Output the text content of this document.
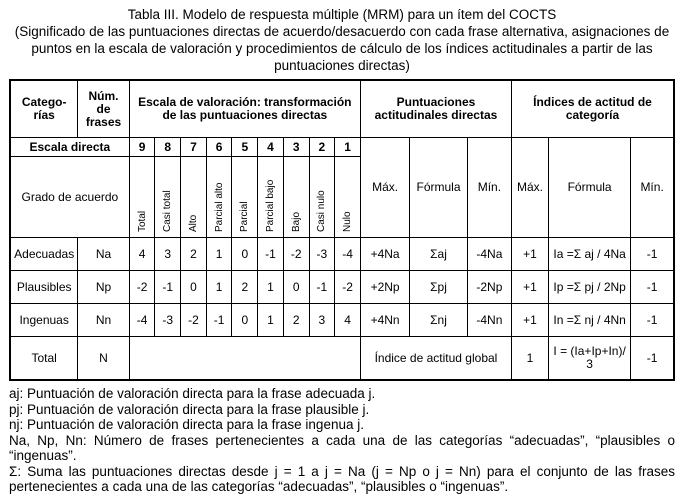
Tabla III. Modelo de respuesta múltiple (MRM) para un ítem del COCTS
(Significado de las puntuaciones directas de acuerdo/desacuerdo con cada frase alternativa, asignaciones de puntos en la escala de valoración y procedimientos de cálculo de los índices actitudinales a partir de las puntuaciones directas)
Catego-rías	Núm. de frases	Escala de valoración: transformación de las puntuaciones directas									Puntuaciones actitudinales directas			Índices de actitud de categoría		
Escala directa		9	8	7	6	5	4	3	2	1	Máx.	Fórmula	Mín.	Máx.	Fórmula	Mín.
Grado de acuerdo		Total	Casi total	Alto	Parcial alto	Parcial	Parcial bajo	Bajo	Casi nulo	Nulo						
Adecuadas	Na	4	3	2	1	0	-1	-2	-3	-4	+4Na	Σaj	-4Na	+1	Ia =Σ aj / 4Na	-1
Plausibles	Np	-2	-1	0	1	2	1	0	-1	-2	+2Np	Σpj	-2Np	+1	Ip =Σ pj / 2Np	-1
Ingenuas	Nn	-4	-3	-2	-1	0	1	2	3	4	+4Nn	Σnj	-4Nn	+1	In =Σ nj / 4Nn	-1
Total	N										Índice de actitud global			1	I = (Ia+Ip+In)/ 3	-1
aj: Puntuación de valoración directa para la frase adecuada j.
pj: Puntuación de valoración directa para la frase plausible j.
nj: Puntuación de valoración directa para la frase ingenua j.
Na, Np, Nn: Número de frases pertenecientes a cada una de las categorías “adecuadas”, “plausibles o “ingenuas”.
Σ: Suma las puntuaciones directas desde j = 1 a j = Na (j = Np o j = Nn) para el conjunto de las frases pertenecientes a cada una de las categorías “adecuadas”, “plausibles o “ingenuas”.
